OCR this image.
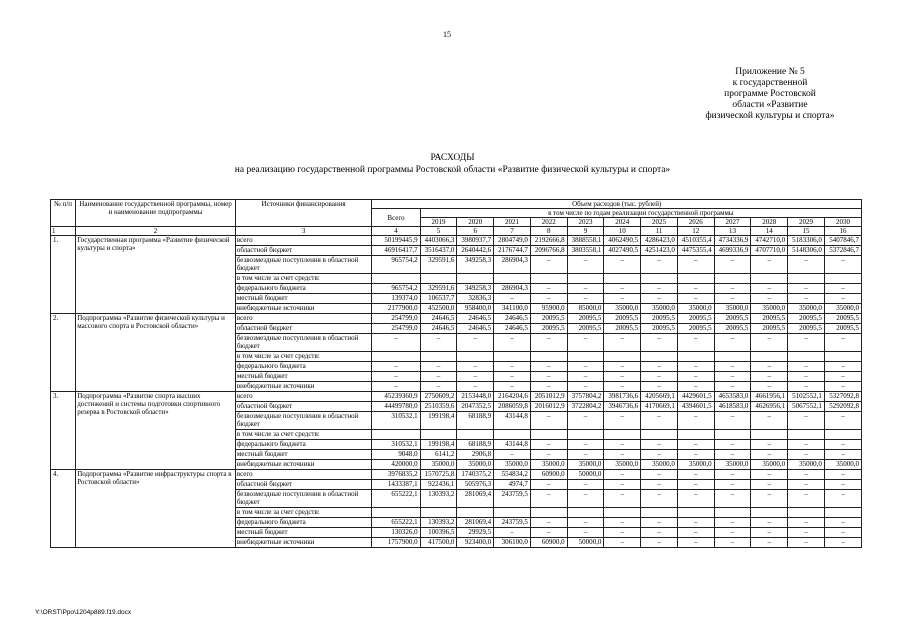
15
Приложение № 5
к государственной
программе Ростовской
области «Развитие
физической культуры и спорта»
РАСХОДЫ
на реализацию государственной программы Ростовской области «Развитие физической культуры и спорта»
№ п/п	Наименование государственной программы, номер и наименование подпрограммы	Источники финансирования	Объем расходов (тыс. рублей)												
			Всего	в том числе по годам реализации государственной программы											
				2019	2020	2021	2022	2023	2024	2025	2026	2027	2028	2029	2030
1	2	3	4	5	6	7	8	9	10	11	12	13	14	15	16
1.	Государственная программа «Развитие физической культуры и спорта»	всего	50199445,9	4403066,3	3980937,7	2804749,0	2192666,8	3888558,1	4062490,5	4286423,0	4510355,4	4734336,9	4742710,0	5183306,0	5407846,7
		областной бюджет	46916417,7	3516437,0	2640442,6	2176744,7	2096766,8	3803558,1	4027490,5	4251423,0	4475355,4	4699336,9	4707710,0	5148306,0	5372846,7
		безвозмездные поступления в областной бюджет	965754,2	329591,6	349258,3	286904,3	–	–	–	–	–	–	–	–	–
		в том числе за счет средств:													
		федерального бюджета	965754,2	329591,6	349258,3	286904,3	–	–	–	–	–	–	–	–	–
		местный бюджет	139374,0	106537,7	32836,3	–	–	–	–	–	–	–	–	–	–
		внебюджетные источники	2177900,0	452500,0	958400,0	341100,0	95900,0	85000,0	35000,0	35000,0	35000,0	35000,0	35000,0	35000,0	35000,0
2.	Подпрограмма «Развитие физической культуры и массового спорта в Ростовской области»	всего	254799,0	24646,5	24646,5	24646,5	20095,5	20095,5	20095,5	20095,5	20095,5	20095,5	20095,5	20095,5	20095,5
		областной бюджет	254799,0	24646,5	24646,5	24646,5	20095,5	20095,5	20095,5	20095,5	20095,5	20095,5	20095,5	20095,5	20095,5
		безвозмездные поступления в областной бюджет	–	–	–	–	–	–	–	–	–	–	–	–	–
		в том числе за счет средств:													
		федерального бюджета	–	–	–	–	–	–	–	–	–	–	–	–	–
		местный бюджет	–	–	–	–	–	–	–	–	–	–	–	–	–
		внебюджетные источники	–	–	–	–	–	–	–	–	–	–	–	–	–
3.	Подпрограмма «Развитие спорта высших достижений и системы подготовки спортивного резерва в Ростовской области»	всего	45239360,9	2750609,2	2153448,0	2164204,6	2051012,9	3757804,2	3981736,6	4205669,1	4429601,5	4653583,0	4661956,1	5102552,1	5327092,8
		областной бюджет	44499780,0	2510359,6	2047352,5	2086059,8	2016012,9	3722804,2	3946736,6	4170669,1	4394601,5	4618583,0	4626956,1	5067552,1	5292092,8
		безвозмездные поступления в областной бюджет	310532,1	199198,4	68188,9	43144,8	–	–	–	–	–	–	–	–	–
		в том числе за счет средств:													
		федерального бюджета	310532,1	199198,4	68188,9	43144,8	–	–	–	–	–	–	–	–	–
		местный бюджет	9048,0	6141,2	2906,8	–	–	–	–	–	–	–	–	–	–
		внебюджетные источники	420000,0	35000,0	35000,0	35000,0	35000,0	35000,0	35000,0	35000,0	35000,0	35000,0	35000,0	35000,0	35000,0
4.	Подпрограмма «Развитие инфраструктуры спорта в Ростовской области»	всего	3976835,2	1570725,8	1740375,2	554834,2	60900,0	50000,0	–	–	–	–	–	–	–
		областной бюджет	1433387,1	922436,1	505976,3	4974,7	–	–	–	–	–	–	–	–	–
		безвозмездные поступления в областной бюджет	655222,1	130393,2	281069,4	243759,5	–	–	–	–	–	–	–	–	–
		в том числе за счет средств:													
		федерального бюджета	655222,1	130393,2	281069,4	243759,5	–	–	–	–	–	–	–	–	–
		местный бюджет	130326,0	100396,5	29929,5	–	–	–	–	–	–	–	–	–	–
		внебюджетные источники	1757900,0	417500,0	923400,0	306100,0	60900,0	50000,0	–	–	–	–	–	–	–
Y:\ORST\Ppo\1204p889.f19.docx
